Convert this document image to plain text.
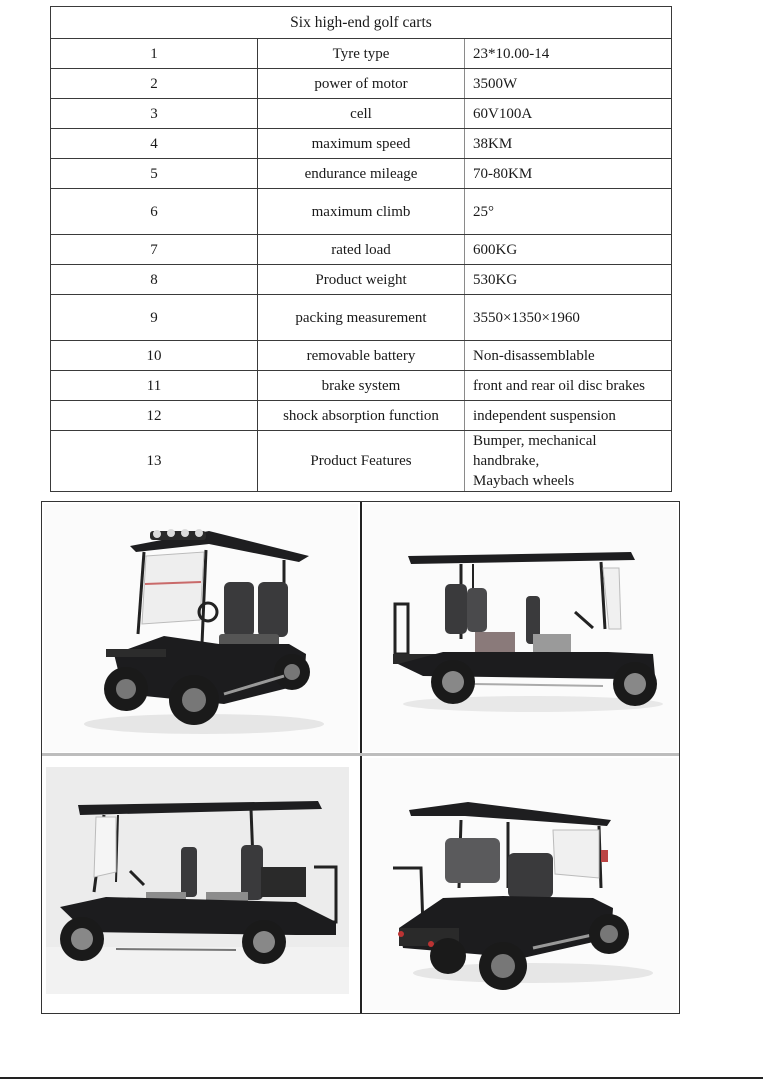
Six high-end golf carts		
1	Tyre type	23*10.00-14
2	power of motor	3500W
3	cell	60V100A
4	maximum speed	38KM
5	endurance mileage	70-80KM
6	maximum climb	25°
7	rated load	600KG
8	Product weight	530KG
9	packing measurement	3550×1350×1960
10	removable battery	Non-disassemblable
11	brake system	front and rear oil disc brakes
12	shock absorption function	independent suspension
13	Product Features	Bumper, mechanical handbrake,
Maybach wheels
